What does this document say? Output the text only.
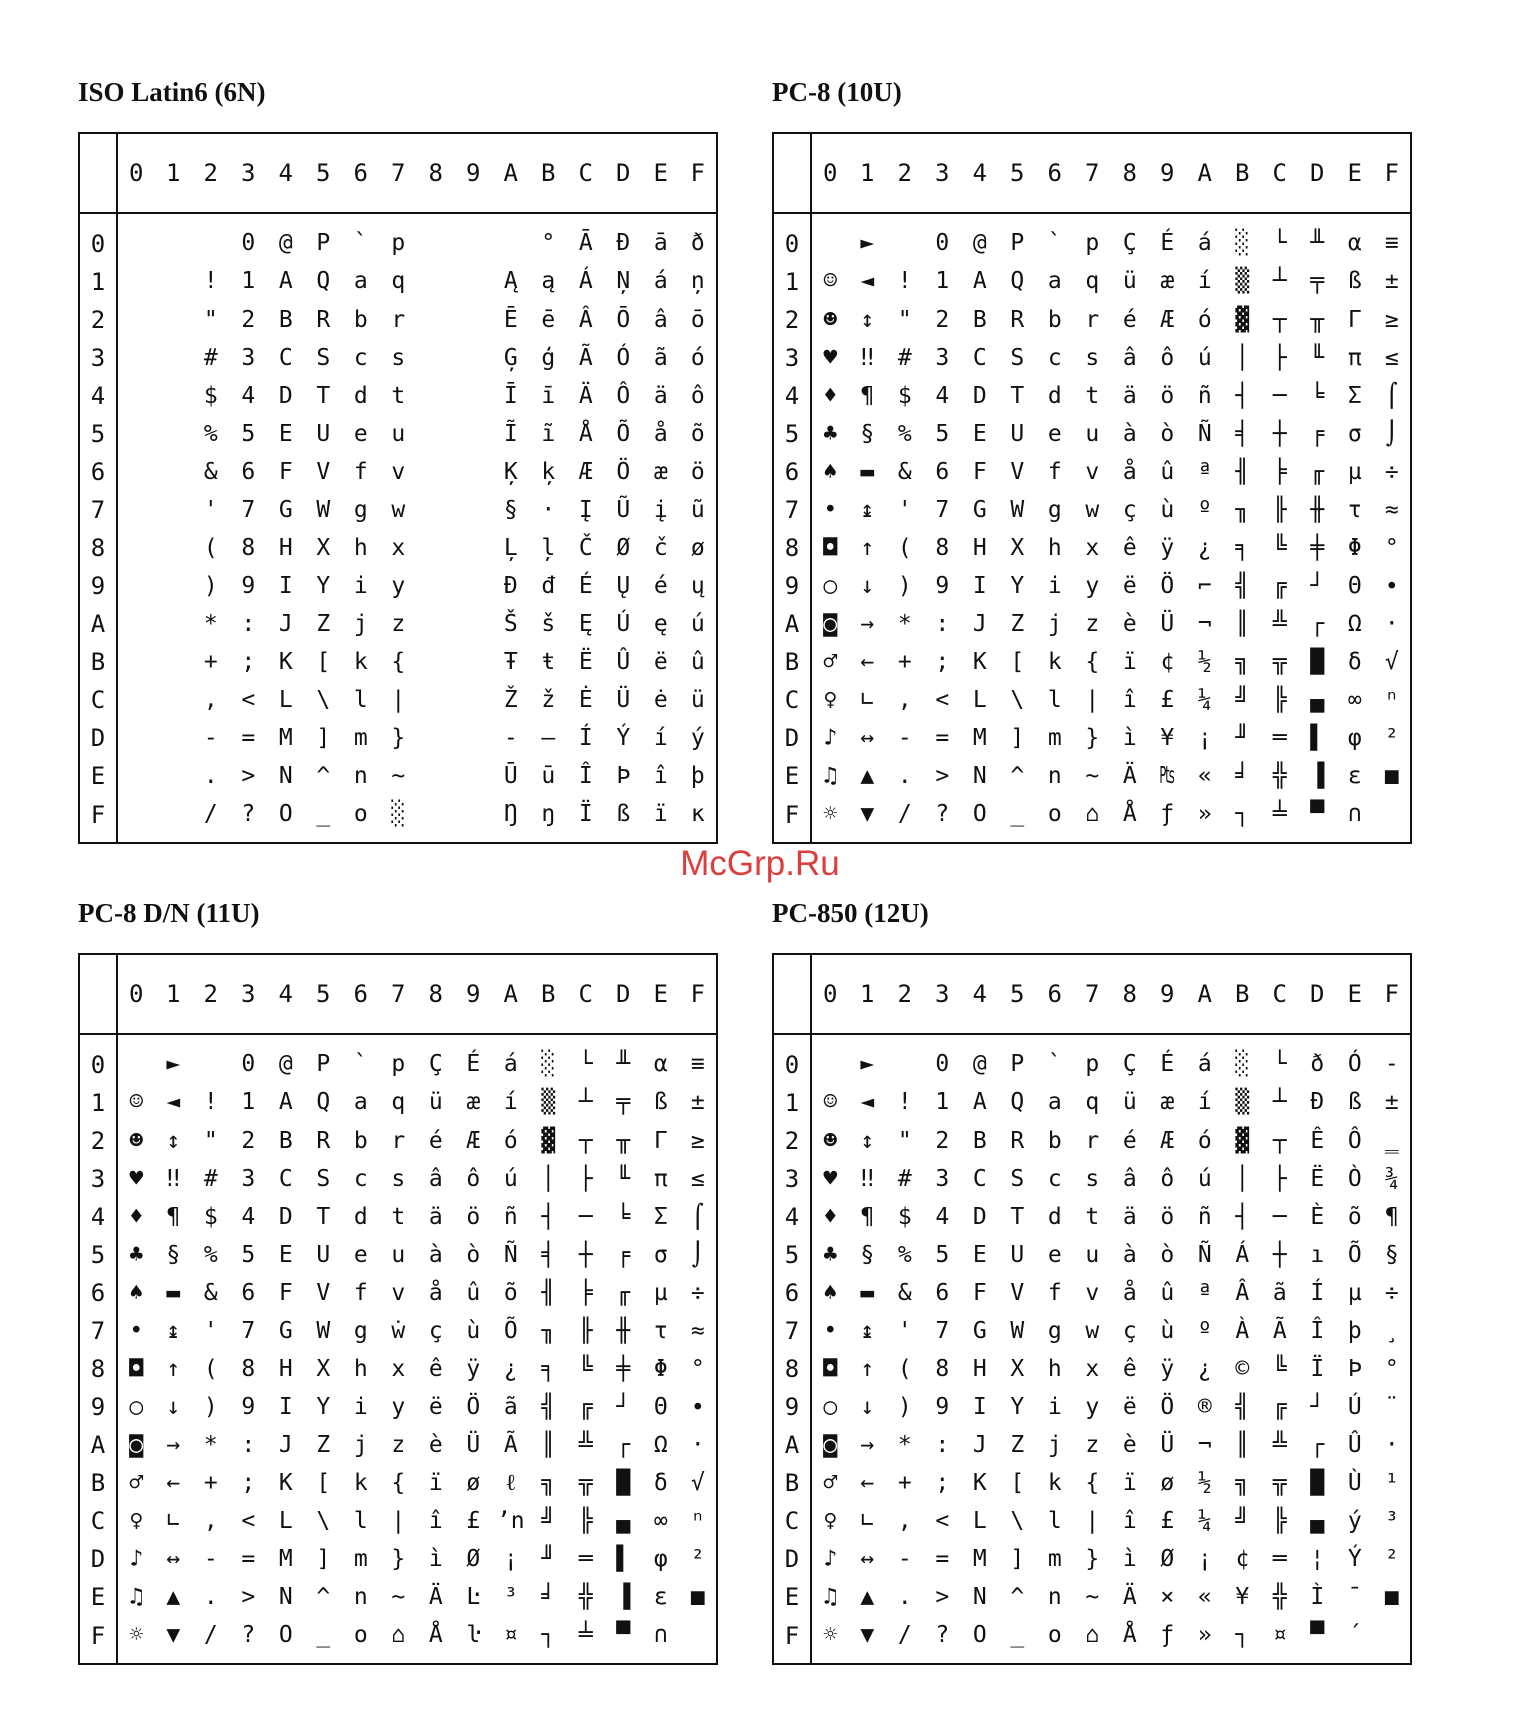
ISO Latin6 (6N)
	0	1	2	3	4	5	6	7	8	9	A	B	C	D	E	F
0				0	@	P	`	p				°	Ā	Đ	ā	ð
1			!	1	A	Q	a	q			Ą	ą	Á	Ņ	á	ņ
2			"	2	B	R	b	r			Ē	ē	Â	Ō	â	ō
3			#	3	C	S	c	s			Ģ	ģ	Ã	Ó	ã	ó
4			$	4	D	T	d	t			Ī	ī	Ä	Ô	ä	ô
5			%	5	E	U	e	u			Ĩ	ĩ	Å	Õ	å	õ
6			&	6	F	V	f	v			Ķ	ķ	Æ	Ö	æ	ö
7			'	7	G	W	g	w			§	·	Į	Ũ	į	ũ
8			(	8	H	X	h	x			Ļ	ļ	Č	Ø	č	ø
9			)	9	I	Y	i	y			Đ	đ	É	Ų	é	ų
A			*	:	J	Z	j	z			Š	š	Ę	Ú	ę	ú
B			+	;	K	[	k	{			Ŧ	ŧ	Ë	Û	ë	û
C			,	<	L	\	l	|			Ž	ž	Ė	Ü	ė	ü
D			-	=	M	]	m	}			-	—	Í	Ý	í	ý
E			.	>	N	^	n	~			Ū	ū	Î	Þ	î	þ
F			/	?	O	_	o	░			Ŋ	ŋ	Ï	ß	ï	ĸ
PC-8 (10U)
	0	1	2	3	4	5	6	7	8	9	A	B	C	D	E	F
0		►		0	@	P	`	p	Ç	É	á	░	└	╨	α	≡
1	☺	◄	!	1	A	Q	a	q	ü	æ	í	▒	┴	╤	ß	±
2	☻	↕	"	2	B	R	b	r	é	Æ	ó	▓	┬	╥	Γ	≥
3	♥	‼	#	3	C	S	c	s	â	ô	ú	│	├	╙	π	≤
4	♦	¶	$	4	D	T	d	t	ä	ö	ñ	┤	─	╘	Σ	⌠
5	♣	§	%	5	E	U	e	u	à	ò	Ñ	╡	┼	╒	σ	⌡
6	♠	▬	&	6	F	V	f	v	å	û	ª	╢	╞	╓	µ	÷
7	•	↨	'	7	G	W	g	w	ç	ù	º	╖	╟	╫	τ	≈
8	◘	↑	(	8	H	X	h	x	ê	ÿ	¿	╕	╚	╪	Φ	°
9	○	↓	)	9	I	Y	i	y	ë	Ö	⌐	╣	╔	┘	Θ	∙
A	◙	→	*	:	J	Z	j	z	è	Ü	¬	║	╩	┌	Ω	·
B	♂	←	+	;	K	[	k	{	ï	¢	½	╗	╦	█	δ	√
C	♀	∟	,	<	L	\	l	|	î	£	¼	╝	╠	▄	∞	ⁿ
D	♪	↔	-	=	M	]	m	}	ì	¥	¡	╜	═	▌	φ	²
E	♫	▲	.	>	N	^	n	~	Ä	₧	«	╛	╬	▐	ε	■
F	☼	▼	/	?	O	_	o	⌂	Å	ƒ	»	┐	╧	▀	∩	
McGrp.Ru
PC-8 D/N (11U)
	0	1	2	3	4	5	6	7	8	9	A	B	C	D	E	F
0		►		0	@	P	`	p	Ç	É	á	░	└	╨	α	≡
1	☺	◄	!	1	A	Q	a	q	ü	æ	í	▒	┴	╤	ß	±
2	☻	↕	"	2	B	R	b	r	é	Æ	ó	▓	┬	╥	Γ	≥
3	♥	‼	#	3	C	S	c	s	â	ô	ú	│	├	╙	π	≤
4	♦	¶	$	4	D	T	d	t	ä	ö	ñ	┤	─	╘	Σ	⌠
5	♣	§	%	5	E	U	e	u	à	ò	Ñ	╡	┼	╒	σ	⌡
6	♠	▬	&	6	F	V	f	v	å	û	õ	╢	╞	╓	µ	÷
7	•	↨	'	7	G	W	g	ẇ	ç	ù	Õ	╖	╟	╫	τ	≈
8	◘	↑	(	8	H	X	h	x	ê	ÿ	¿	╕	╚	╪	Φ	°
9	○	↓	)	9	I	Y	i	y	ë	Ö	ã	╣	╔	┘	Θ	∙
A	◙	→	*	:	J	Z	j	z	è	Ü	Ã	║	╩	┌	Ω	·
B	♂	←	+	;	K	[	k	{	ï	ø	ℓ	╗	╦	█	δ	√
C	♀	∟	,	<	L	\	l	|	î	£	ʼn	╝	╠	▄	∞	ⁿ
D	♪	↔	-	=	M	]	m	}	ì	Ø	¡	╜	═	▌	φ	²
E	♫	▲	.	>	N	^	n	~	Ä	Ŀ	³	╛	╬	▐	ε	■
F	☼	▼	/	?	O	_	o	⌂	Å	ŀ	¤	┐	╧	▀	∩	
PC-850 (12U)
	0	1	2	3	4	5	6	7	8	9	A	B	C	D	E	F
0		►		0	@	P	`	p	Ç	É	á	░	└	ð	Ó	-
1	☺	◄	!	1	A	Q	a	q	ü	æ	í	▒	┴	Đ	ß	±
2	☻	↕	"	2	B	R	b	r	é	Æ	ó	▓	┬	Ê	Ô	‗
3	♥	‼	#	3	C	S	c	s	â	ô	ú	│	├	Ë	Ò	¾
4	♦	¶	$	4	D	T	d	t	ä	ö	ñ	┤	─	È	õ	¶
5	♣	§	%	5	E	U	e	u	à	ò	Ñ	Á	┼	ı	Õ	§
6	♠	▬	&	6	F	V	f	v	å	û	ª	Â	ã	Í	µ	÷
7	•	↨	'	7	G	W	g	w	ç	ù	º	À	Ã	Î	þ	¸
8	◘	↑	(	8	H	X	h	x	ê	ÿ	¿	©	╚	Ï	Þ	°
9	○	↓	)	9	I	Y	i	y	ë	Ö	®	╣	╔	┘	Ú	¨
A	◙	→	*	:	J	Z	j	z	è	Ü	¬	║	╩	┌	Û	·
B	♂	←	+	;	K	[	k	{	ï	ø	½	╗	╦	█	Ù	¹
C	♀	∟	,	<	L	\	l	|	î	£	¼	╝	╠	▄	ý	³
D	♪	↔	-	=	M	]	m	}	ì	Ø	¡	¢	═	¦	Ý	²
E	♫	▲	.	>	N	^	n	~	Ä	×	«	¥	╬	Ì	¯	■
F	☼	▼	/	?	O	_	o	⌂	Å	ƒ	»	┐	¤	▀	´	
